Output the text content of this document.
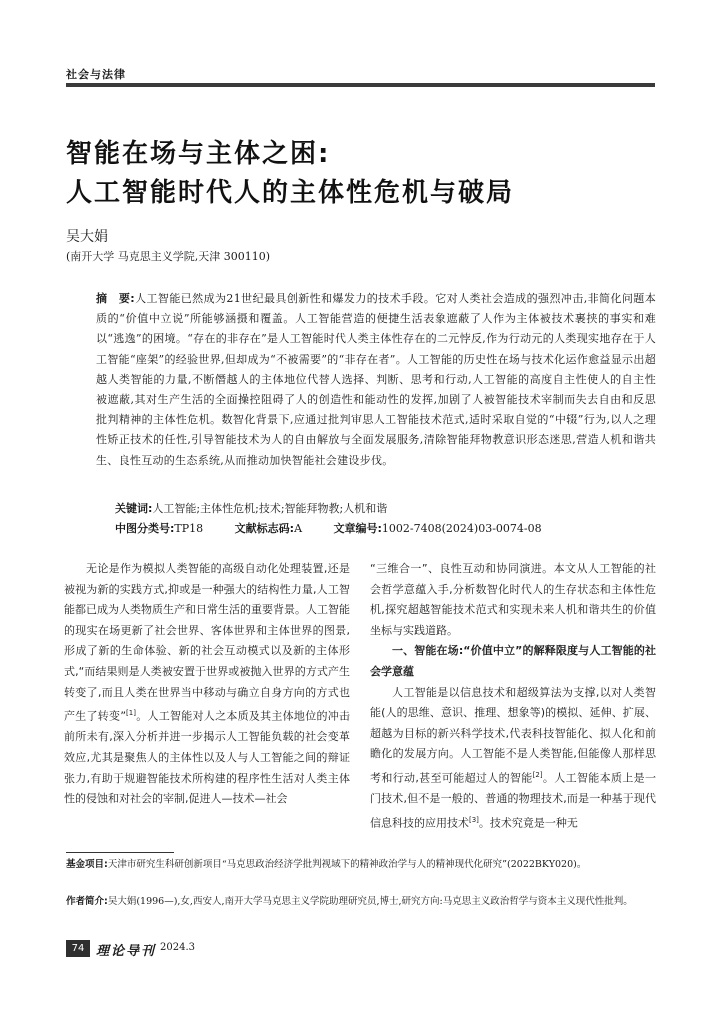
社会与法律
智能在场与主体之困:
人工智能时代人的主体性危机与破局
吴大娟
(南开大学 马克思主义学院,天津 300110)
摘　要:人工智能已然成为21世纪最具创新性和爆发力的技术手段。它对人类社会造成的强烈冲击,非简化问题本质的“价值中立说”所能够涵摄和覆盖。人工智能营造的便捷生活表象遮蔽了人作为主体被技术裹挟的事实和难以“逃逸”的困境。“存在的非存在”是人工智能时代人类主体性存在的二元悖反,作为行动元的人类现实地存在于人工智能“座架”的经验世界,但却成为“不被需要”的“非存在者”。人工智能的历史性在场与技术化运作愈益显示出超越人类智能的力量,不断僭越人的主体地位代替人选择、判断、思考和行动,人工智能的高度自主性使人的自主性被遮蔽,其对生产生活的全面操控阻碍了人的创造性和能动性的发挥,加剧了人被智能技术宰制而失去自由和反思批判精神的主体性危机。数智化背景下,应通过批判审思人工智能技术范式,适时采取自觉的“中辍”行为,以人之理性矫正技术的任性,引导智能技术为人的自由解放与全面发展服务,清除智能拜物教意识形态迷思,营造人机和谐共生、良性互动的生态系统,从而推动加快智能社会建设步伐。
关键词:人工智能;主体性危机;技术;智能拜物教;人机和谐
中图分类号:TP18	文献标志码:A	文章编号:1002-7408(2024)03-0074-08

无论是作为模拟人类智能的高级自动化处理装置,还是被视为新的实践方式,抑或是一种强大的结构性力量,人工智能都已成为人类物质生产和日常生活的重要背景。人工智能的现实在场更新了社会世界、客体世界和主体世界的图景,形成了新的生命体验、新的社会互动模式以及新的主体形式,“而结果则是人类被安置于世界或被抛入世界的方式产生转变了,而且人类在世界当中移动与确立自身方向的方式也产生了转变”[1]。人工智能对人之本质及其主体地位的冲击前所未有,深入分析并进一步揭示人工智能负载的社会变革效应,尤其是聚焦人的主体性以及人与人工智能之间的辩证张力,有助于规避智能技术所构建的程序性生活对人类主体性的侵蚀和对社会的宰制,促进人—技术—社会

“三维合一”、良性互动和协同演进。本文从人工智能的社会哲学意蕴入手,分析数智化时代人的生存状态和主体性危机,探究超越智能技术范式和实现未来人机和谐共生的价值坐标与实践道路。

一、智能在场:“价值中立”的解释限度与人工智能的社会学意蕴

人工智能是以信息技术和超级算法为支撑,以对人类智能(人的思维、意识、推理、想象等)的模拟、延伸、扩展、超越为目标的新兴科学技术,代表科技智能化、拟人化和前瞻化的发展方向。人工智能不是人类智能,但能像人那样思考和行动,甚至可能超过人的智能[2]。人工智能本质上是一门技术,但不是一般的、普通的物理技术,而是一种基于现代信息科技的应用技术[3]。技术究竟是一种无

基金项目:天津市研究生科研创新项目“马克思政治经济学批判视域下的精神政治学与人的精神现代化研究”(2022BKY020)。
作者简介:吴大娟(1996—),女,西安人,南开大学马克思主义学院助理研究员,博士,研究方向:马克思主义政治哲学与资本主义现代性批判。
74 理论导刊 2024.3
